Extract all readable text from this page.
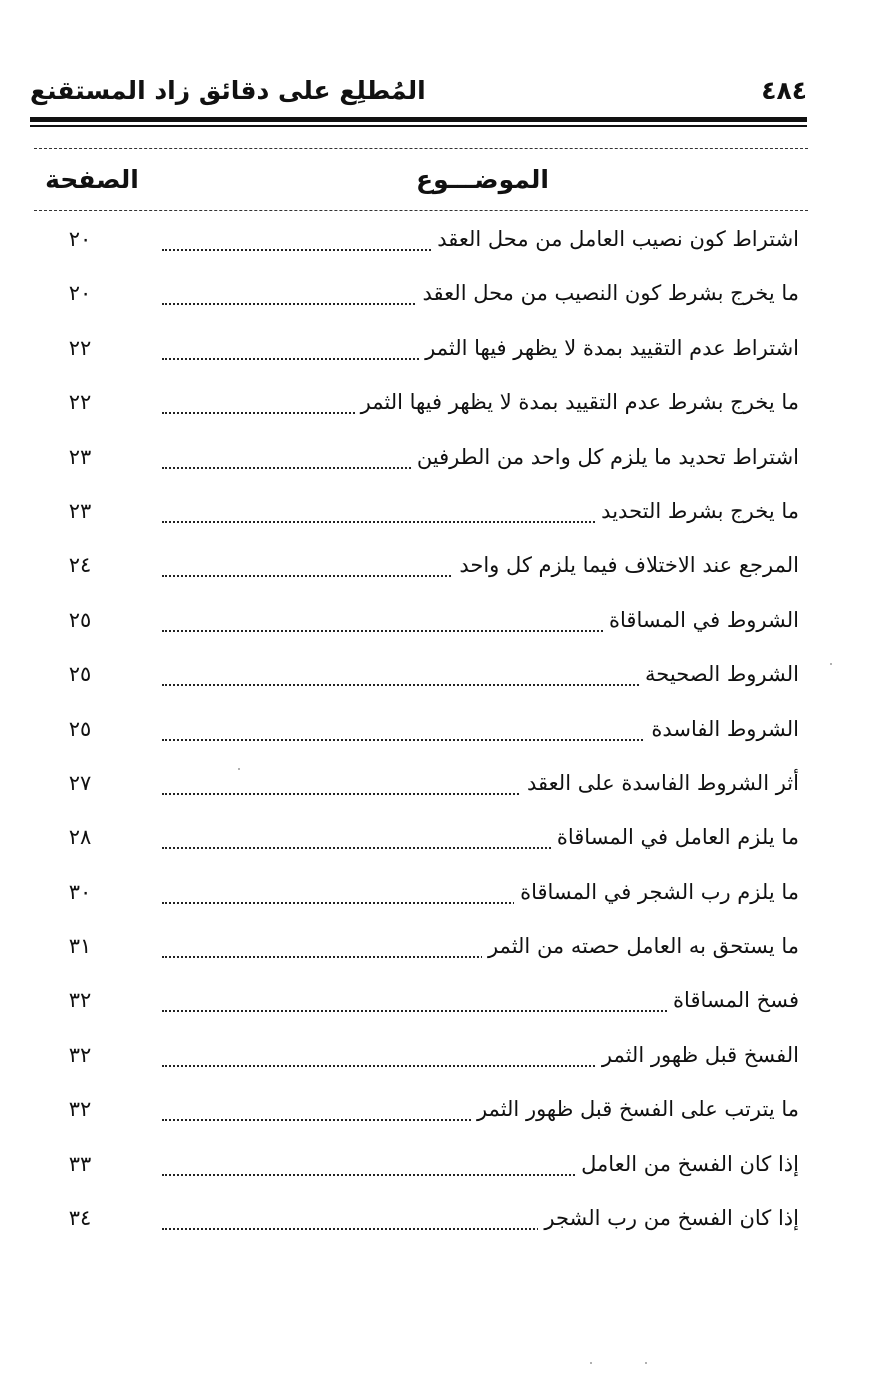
المُطلِع على دقائق زاد المستقنع	٤٨٤
الموضـــوع
الصفحة
اشتراط كون نصيب العامل من محل العقد
٢٠
ما يخرج بشرط كون النصيب من محل العقد
٢٠
اشتراط عدم التقييد بمدة لا يظهر فيها الثمر
٢٢
ما يخرج بشرط عدم التقييد بمدة لا يظهر فيها الثمر
٢٢
اشتراط تحديد ما يلزم كل واحد من الطرفين
٢٣
ما يخرج بشرط التحديد
٢٣
المرجع عند الاختلاف فيما يلزم كل واحد
٢٤
الشروط في المساقاة
٢٥
الشروط الصحيحة
٢٥
الشروط الفاسدة
٢٥
أثر الشروط الفاسدة على العقد
٢٧
ما يلزم العامل في المساقاة
٢٨
ما يلزم رب الشجر في المساقاة
٣٠
ما يستحق به العامل حصته من الثمر
٣١
فسخ المساقاة
٣٢
الفسخ قبل ظهور الثمر
٣٢
ما يترتب على الفسخ قبل ظهور الثمر
٣٢
إذا كان الفسخ من العامل
٣٣
إذا كان الفسخ من رب الشجر
٣٤
